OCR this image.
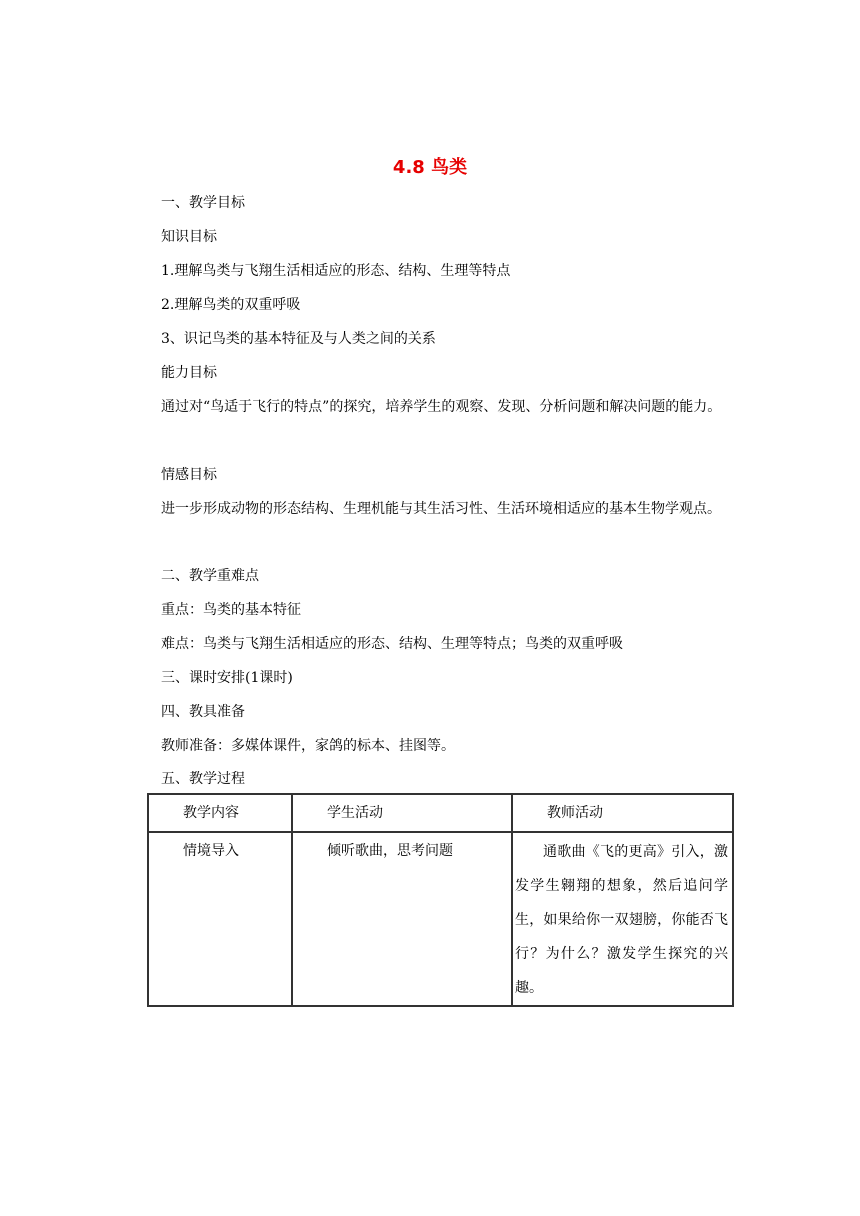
4.8 鸟类
一、教学目标
知识目标
1.理解鸟类与飞翔生活相适应的形态、结构、生理等特点
2.理解鸟类的双重呼吸
3、识记鸟类的基本特征及与人类之间的关系
能力目标
通过对“鸟适于飞行的特点”的探究，培养学生的观察、发现、分析问题和解决问题的能力。
情感目标
进一步形成动物的形态结构、生理机能与其生活习性、生活环境相适应的基本生物学观点。
二、教学重难点
重点：鸟类的基本特征
难点：鸟类与飞翔生活相适应的形态、结构、生理等特点；鸟类的双重呼吸
三、课时安排(1课时)
四、教具准备
教师准备：多媒体课件，家鸽的标本、挂图等。
五、教学过程
教学内容	学生活动	教师活动

情境导入	倾听歌曲，思考问题	通歌曲《飞的更高》引入，激发学生翱翔的想象，然后追问学生，如果给你一双翅膀，你能否飞行？为什么？激发学生探究的兴趣。
